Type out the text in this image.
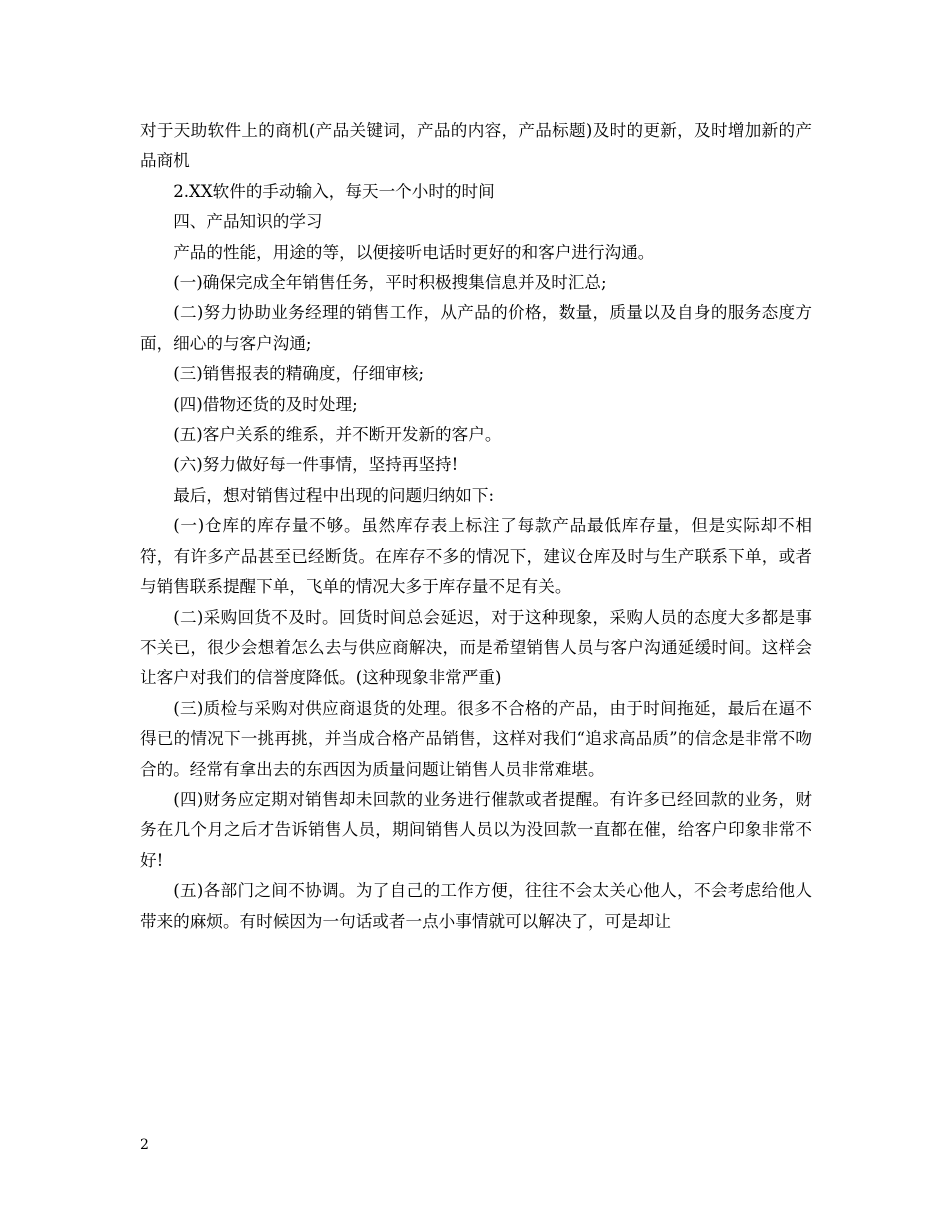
对于天助软件上的商机(产品关键词，产品的内容，产品标题)及时的更新，及时增加新的产品商机

2.XX软件的手动输入，每天一个小时的时间

四、产品知识的学习

产品的性能，用途的等，以便接听电话时更好的和客户进行沟通。

(一)确保完成全年销售任务，平时积极搜集信息并及时汇总;

(二)努力协助业务经理的销售工作，从产品的价格，数量，质量以及自身的服务态度方面，细心的与客户沟通;

(三)销售报表的精确度，仔细审核;

(四)借物还货的及时处理;

(五)客户关系的维系，并不断开发新的客户。

(六)努力做好每一件事情，坚持再坚持!

最后，想对销售过程中出现的问题归纳如下:

(一)仓库的库存量不够。虽然库存表上标注了每款产品最低库存量，但是实际却不相符，有许多产品甚至已经断货。在库存不多的情况下，建议仓库及时与生产联系下单，或者与销售联系提醒下单，飞单的情况大多于库存量不足有关。

(二)采购回货不及时。回货时间总会延迟，对于这种现象，采购人员的态度大多都是事不关已，很少会想着怎么去与供应商解决，而是希望销售人员与客户沟通延缓时间。这样会让客户对我们的信誉度降低。(这种现象非常严重)

(三)质检与采购对供应商退货的处理。很多不合格的产品，由于时间拖延，最后在逼不得已的情况下一挑再挑，并当成合格产品销售，这样对我们“追求高品质”的信念是非常不吻合的。经常有拿出去的东西因为质量问题让销售人员非常难堪。

(四)财务应定期对销售却未回款的业务进行催款或者提醒。有许多已经回款的业务，财务在几个月之后才告诉销售人员，期间销售人员以为没回款一直都在催，给客户印象非常不好!

(五)各部门之间不协调。为了自己的工作方便，往往不会太关心他人，不会考虑给他人带来的麻烦。有时候因为一句话或者一点小事情就可以解决了，可是却让

2
